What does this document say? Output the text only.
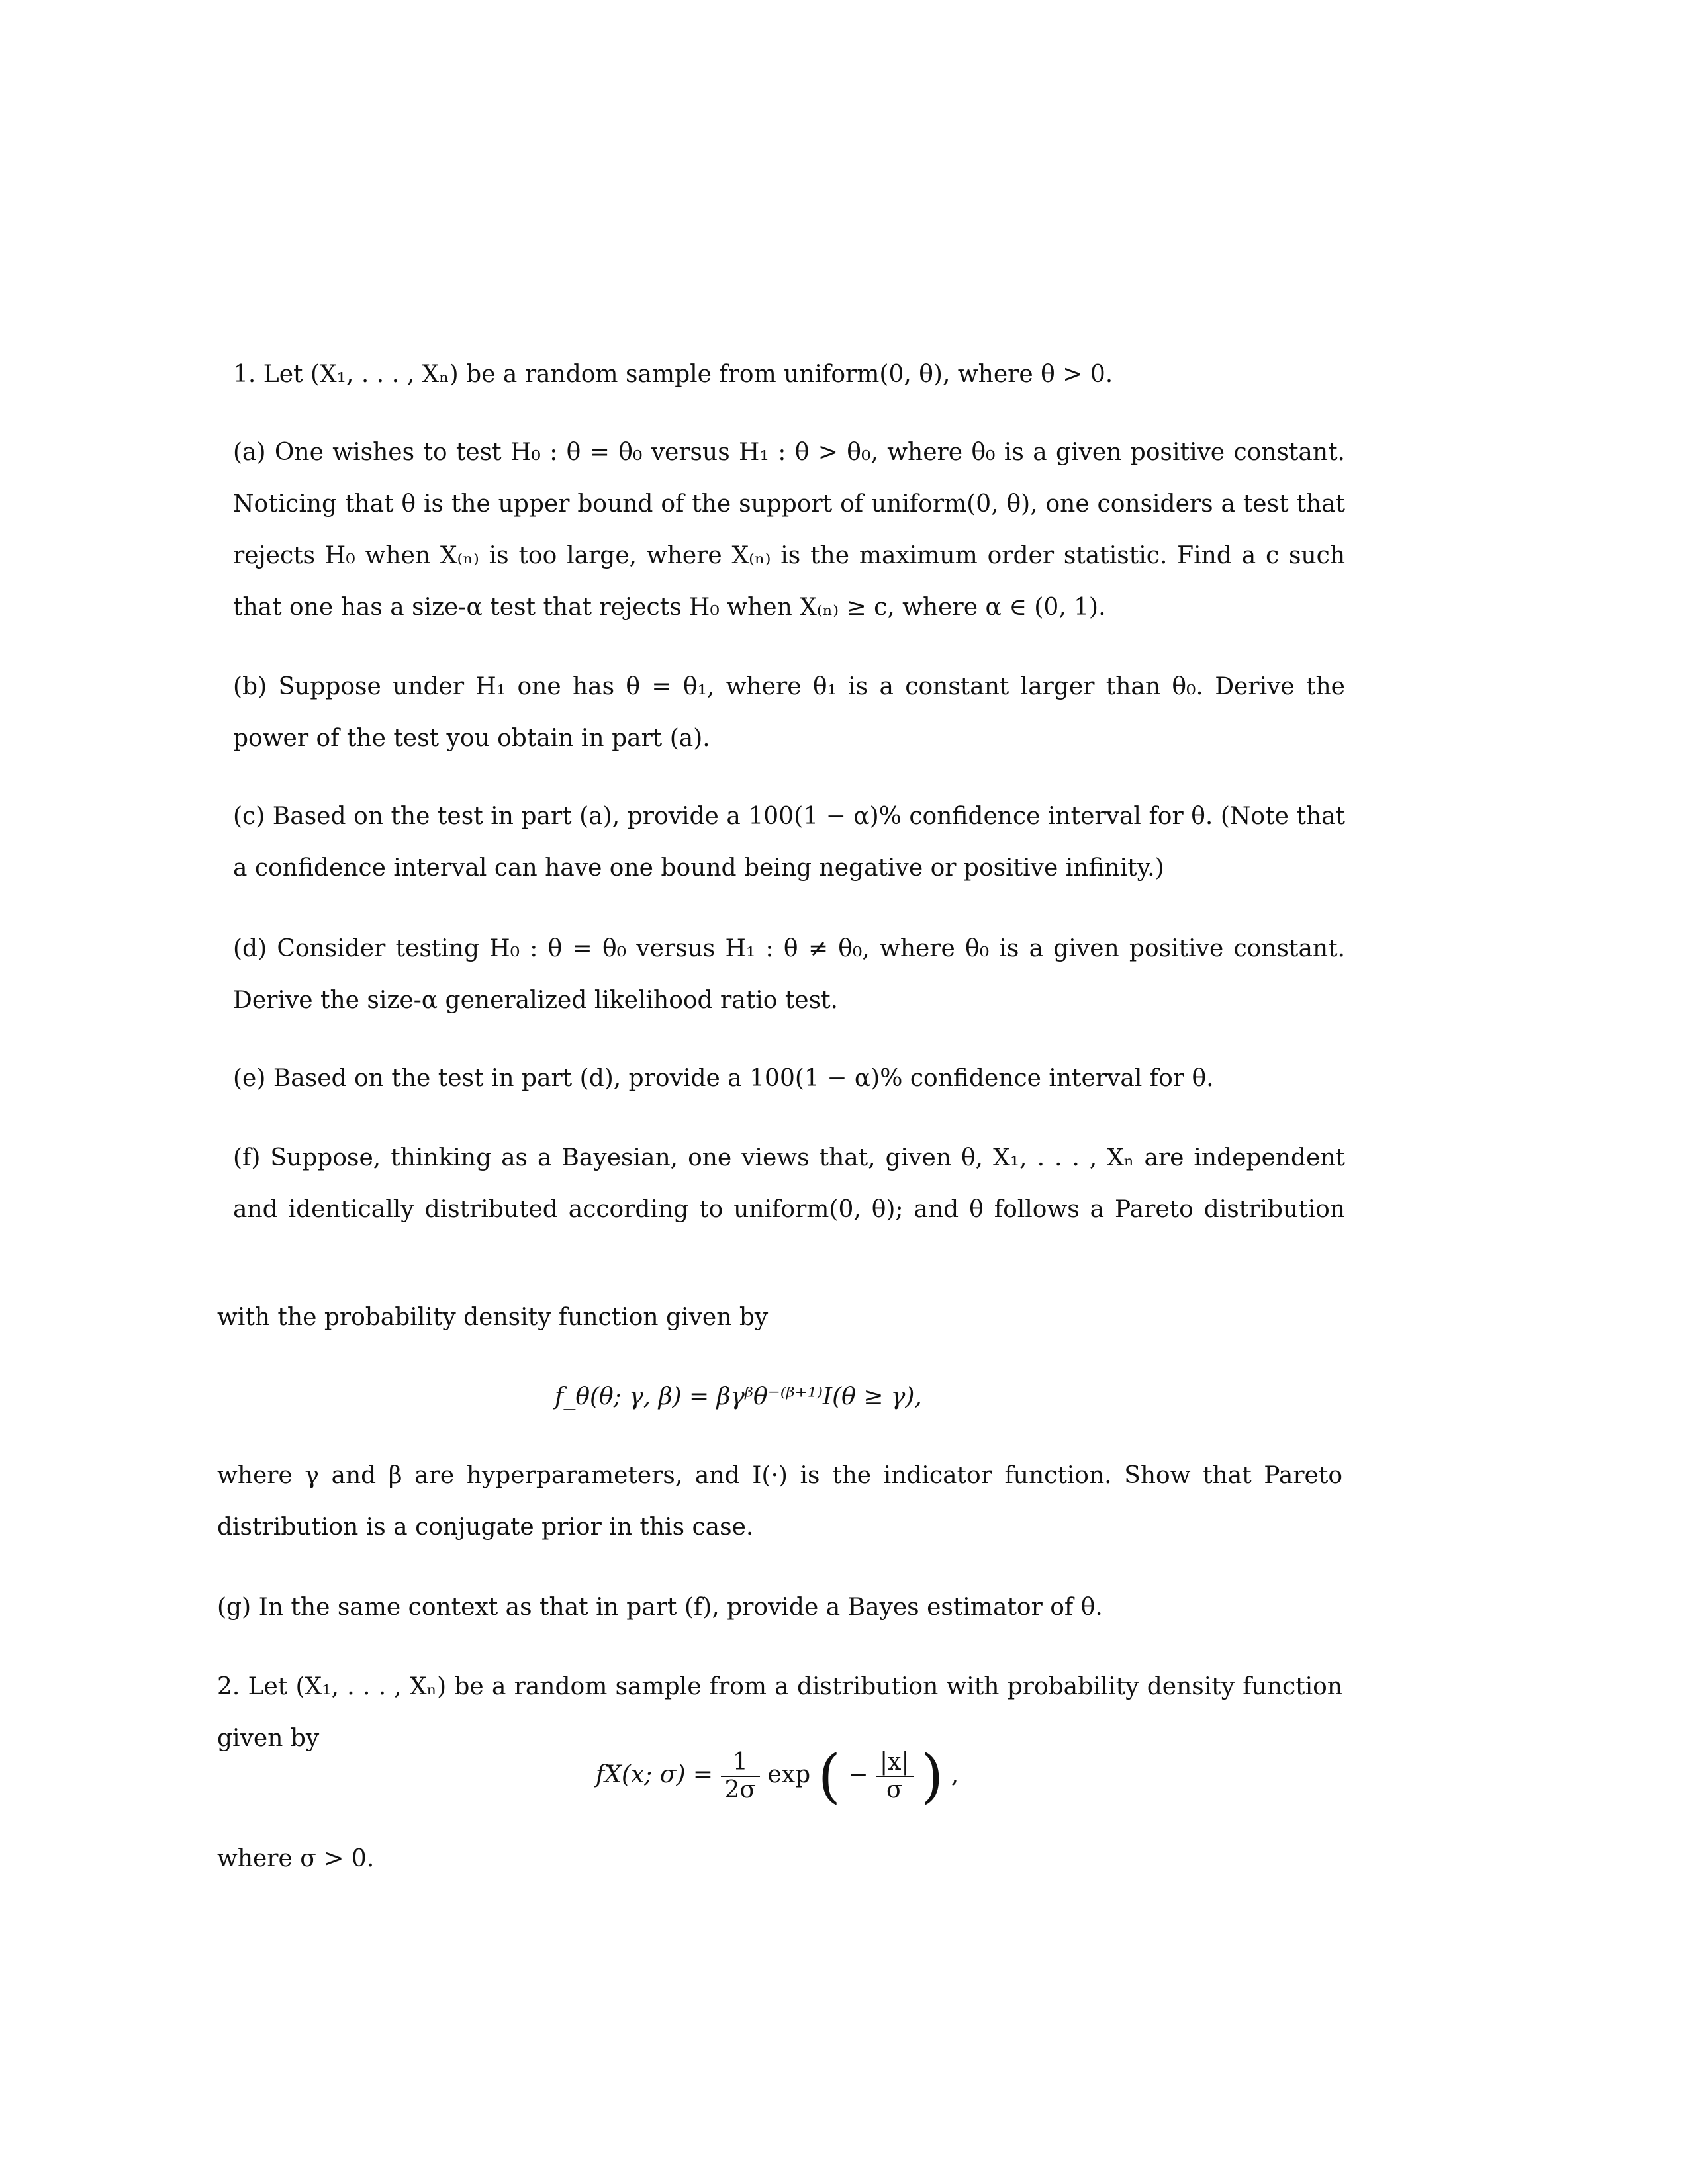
1. Let (X₁, . . . , Xₙ) be a random sample from uniform(0, θ), where θ > 0.
(a) One wishes to test H₀ : θ = θ₀ versus H₁ : θ > θ₀, where θ₀ is a given positive constant.
Noticing that θ is the upper bound of the support of uniform(0, θ), one considers a test that
rejects H₀ when X₍ₙ₎ is too large, where X₍ₙ₎ is the maximum order statistic. Find a c such
that one has a size-α test that rejects H₀ when X₍ₙ₎ ≥ c, where α ∈ (0, 1).
(b) Suppose under H₁ one has θ = θ₁, where θ₁ is a constant larger than θ₀. Derive the
power of the test you obtain in part (a).
(c) Based on the test in part (a), provide a 100(1 − α)% confidence interval for θ. (Note that
a confidence interval can have one bound being negative or positive infinity.)
(d) Consider testing H₀ : θ = θ₀ versus H₁ : θ ≠ θ₀, where θ₀ is a given positive constant.
Derive the size-α generalized likelihood ratio test.
(e) Based on the test in part (d), provide a 100(1 − α)% confidence interval for θ.
(f) Suppose, thinking as a Bayesian, one views that, given θ, X₁, . . . , Xₙ are independent
and identically distributed according to uniform(0, θ); and θ follows a Pareto distribution
with the probability density function given by
f_θ(θ; γ, β) = βγᵝθ⁻⁽ᵝ⁺¹⁾I(θ ≥ γ),
where γ and β are hyperparameters, and I(·) is the indicator function. Show that Pareto
distribution is a conjugate prior in this case.
(g) In the same context as that in part (f), provide a Bayes estimator of θ.
2. Let (X₁, . . . , Xₙ) be a random sample from a distribution with probability density function
given by
fX(x; $\sigma) = \frac{1}{2\sigma}$ exp ( − $\frac{|x|}{\sigma}$ ) ,
where σ > 0.
